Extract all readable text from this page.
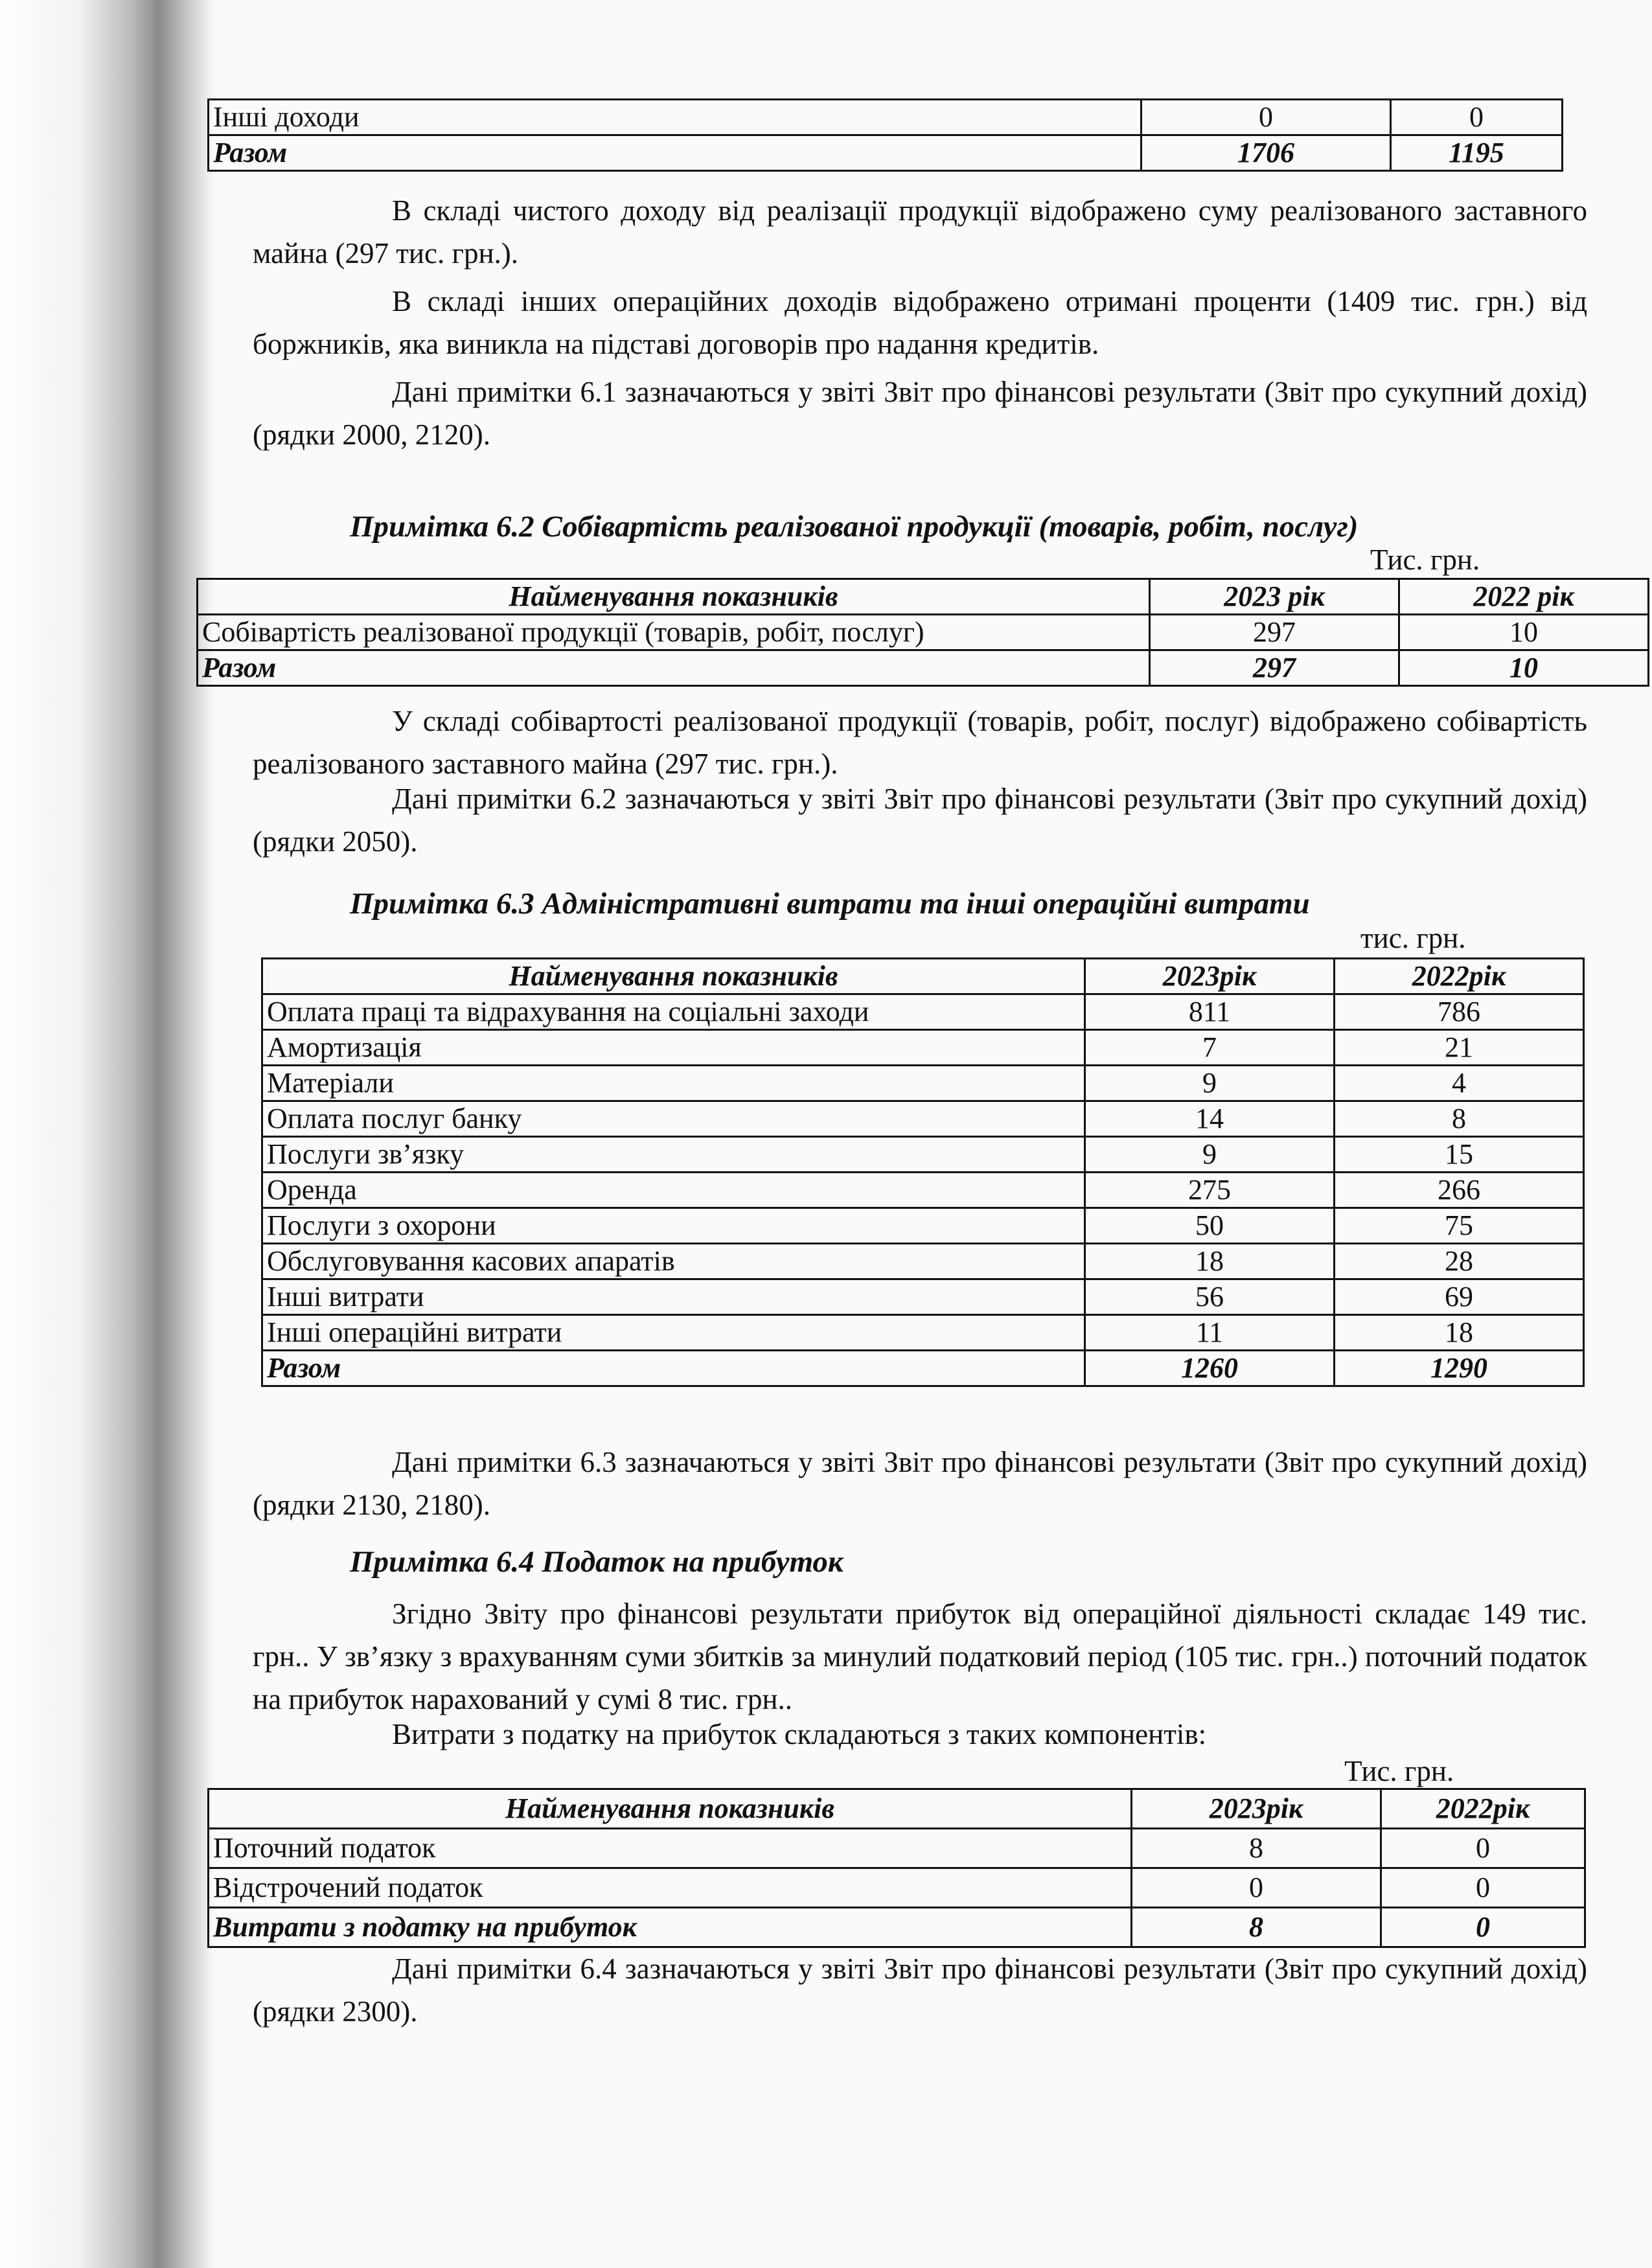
Інші доходи	0	0
Разом	1706	1195
В складі чистого доходу від реалізації продукції відображено суму реалізованого заставного майна (297 тис. грн.).
В складі інших операційних доходів відображено отримані проценти (1409 тис. грн.) від боржників, яка виникла на підставі договорів про надання кредитів.
Дані примітки 6.1 зазначаються у звіті Звіт про фінансові результати (Звіт про сукупний дохід) (рядки 2000, 2120).
Примітка 6.2 Собівартість реалізованої продукції (товарів, робіт, послуг)
Тис. грн.
Найменування показників	2023 рік	2022 рік
Собівартість реалізованої продукції (товарів, робіт, послуг)	297	10
Разом	297	10
У складі собівартості реалізованої продукції (товарів, робіт, послуг) відображено собівартість реалізованого заставного майна (297 тис. грн.).
Дані примітки 6.2 зазначаються у звіті Звіт про фінансові результати (Звіт про сукупний дохід) (рядки 2050).
Примітка 6.3 Адміністративні витрати та інші операційні витрати
тис. грн.
Найменування показників	2023рік	2022рік
Оплата праці та відрахування на соціальні заходи	811	786
Амортизація	7	21
Матеріали	9	4
Оплата послуг банку	14	8
Послуги зв’язку	9	15
Оренда	275	266
Послуги з охорони	50	75
Обслуговування касових апаратів	18	28
Інші витрати	56	69
Інші операційні витрати	11	18
Разом	1260	1290
Дані примітки 6.3 зазначаються у звіті Звіт про фінансові результати (Звіт про сукупний дохід) (рядки 2130, 2180).
Примітка 6.4 Податок на прибуток
Згідно Звіту про фінансові результати прибуток від операційної діяльності складає 149 тис. грн.. У зв’язку з врахуванням суми збитків за минулий податковий період (105 тис. грн..) поточний податок на прибуток нарахований у сумі 8 тис. грн..
Витрати з податку на прибуток складаються з таких компонентів:
Тис. грн.
Найменування показників	2023рік	2022рік
Поточний податок	8	0
Відстрочений податок	0	0
Витрати з податку на прибуток	8	0
Дані примітки 6.4 зазначаються у звіті Звіт про фінансові результати (Звіт про сукупний дохід) (рядки 2300).
